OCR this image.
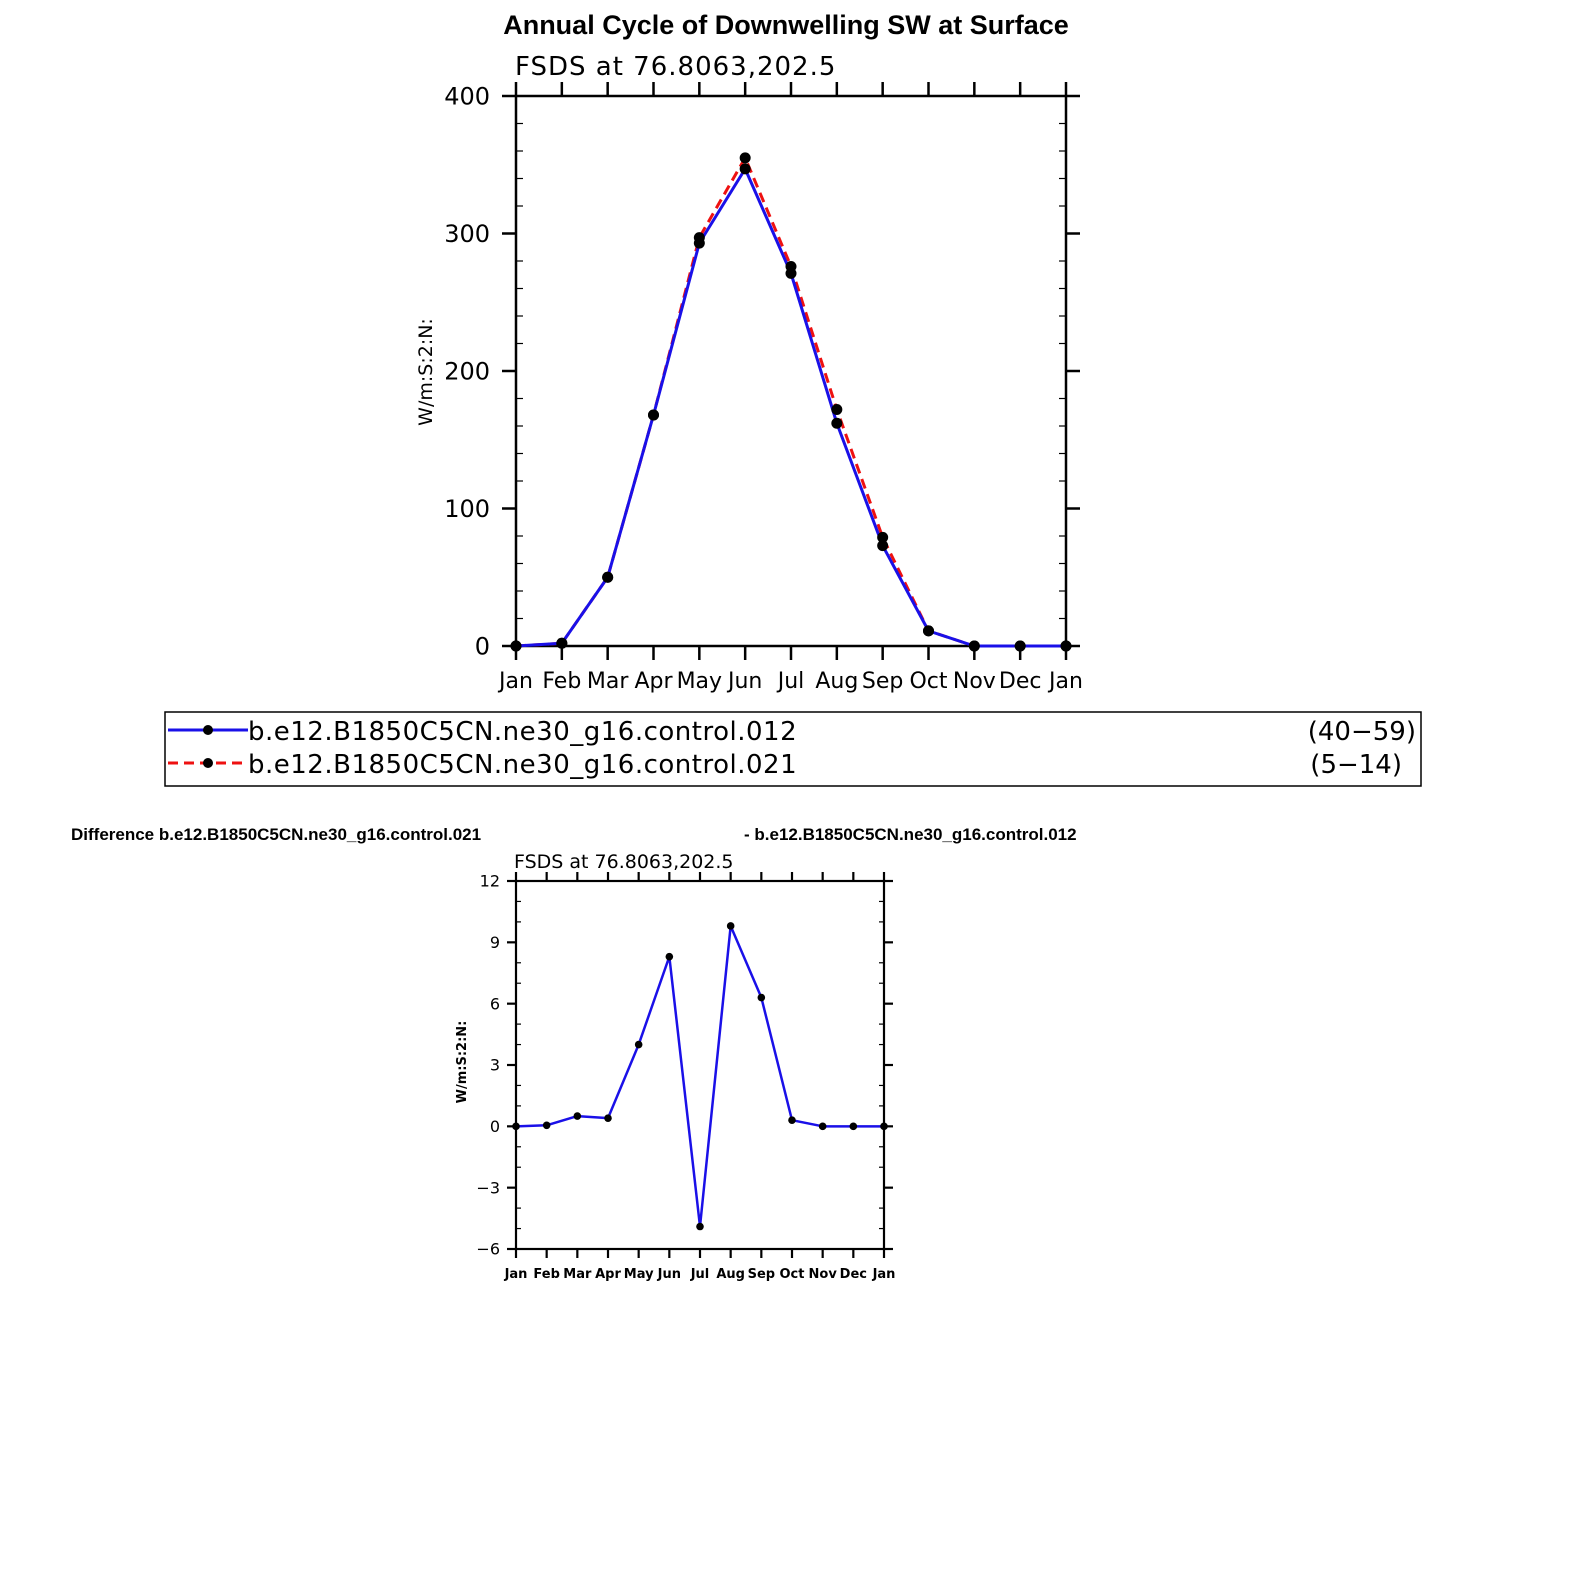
Annual Cycle of Downwelling SW at Surface
FSDS at 76.8063,202.5
W/m:S:2:N:
Jan Feb Mar Apr May Jun Jul Aug Sep Oct Nov Dec Jan
0
100
200
300
400
b.e12.B1850C5CN.ne30_g16.control.012	(40−59)
b.e12.B1850C5CN.ne30_g16.control.021	(5−14)
Difference b.e12.B1850C5CN.ne30_g16.control.021	- b.e12.B1850C5CN.ne30_g16.control.012
FSDS at 76.8063,202.5
W/m:S:2:N:
Jan Feb Mar Apr May Jun Jul Aug Sep Oct Nov Dec Jan
−6
−3
0
3
6
9
12
